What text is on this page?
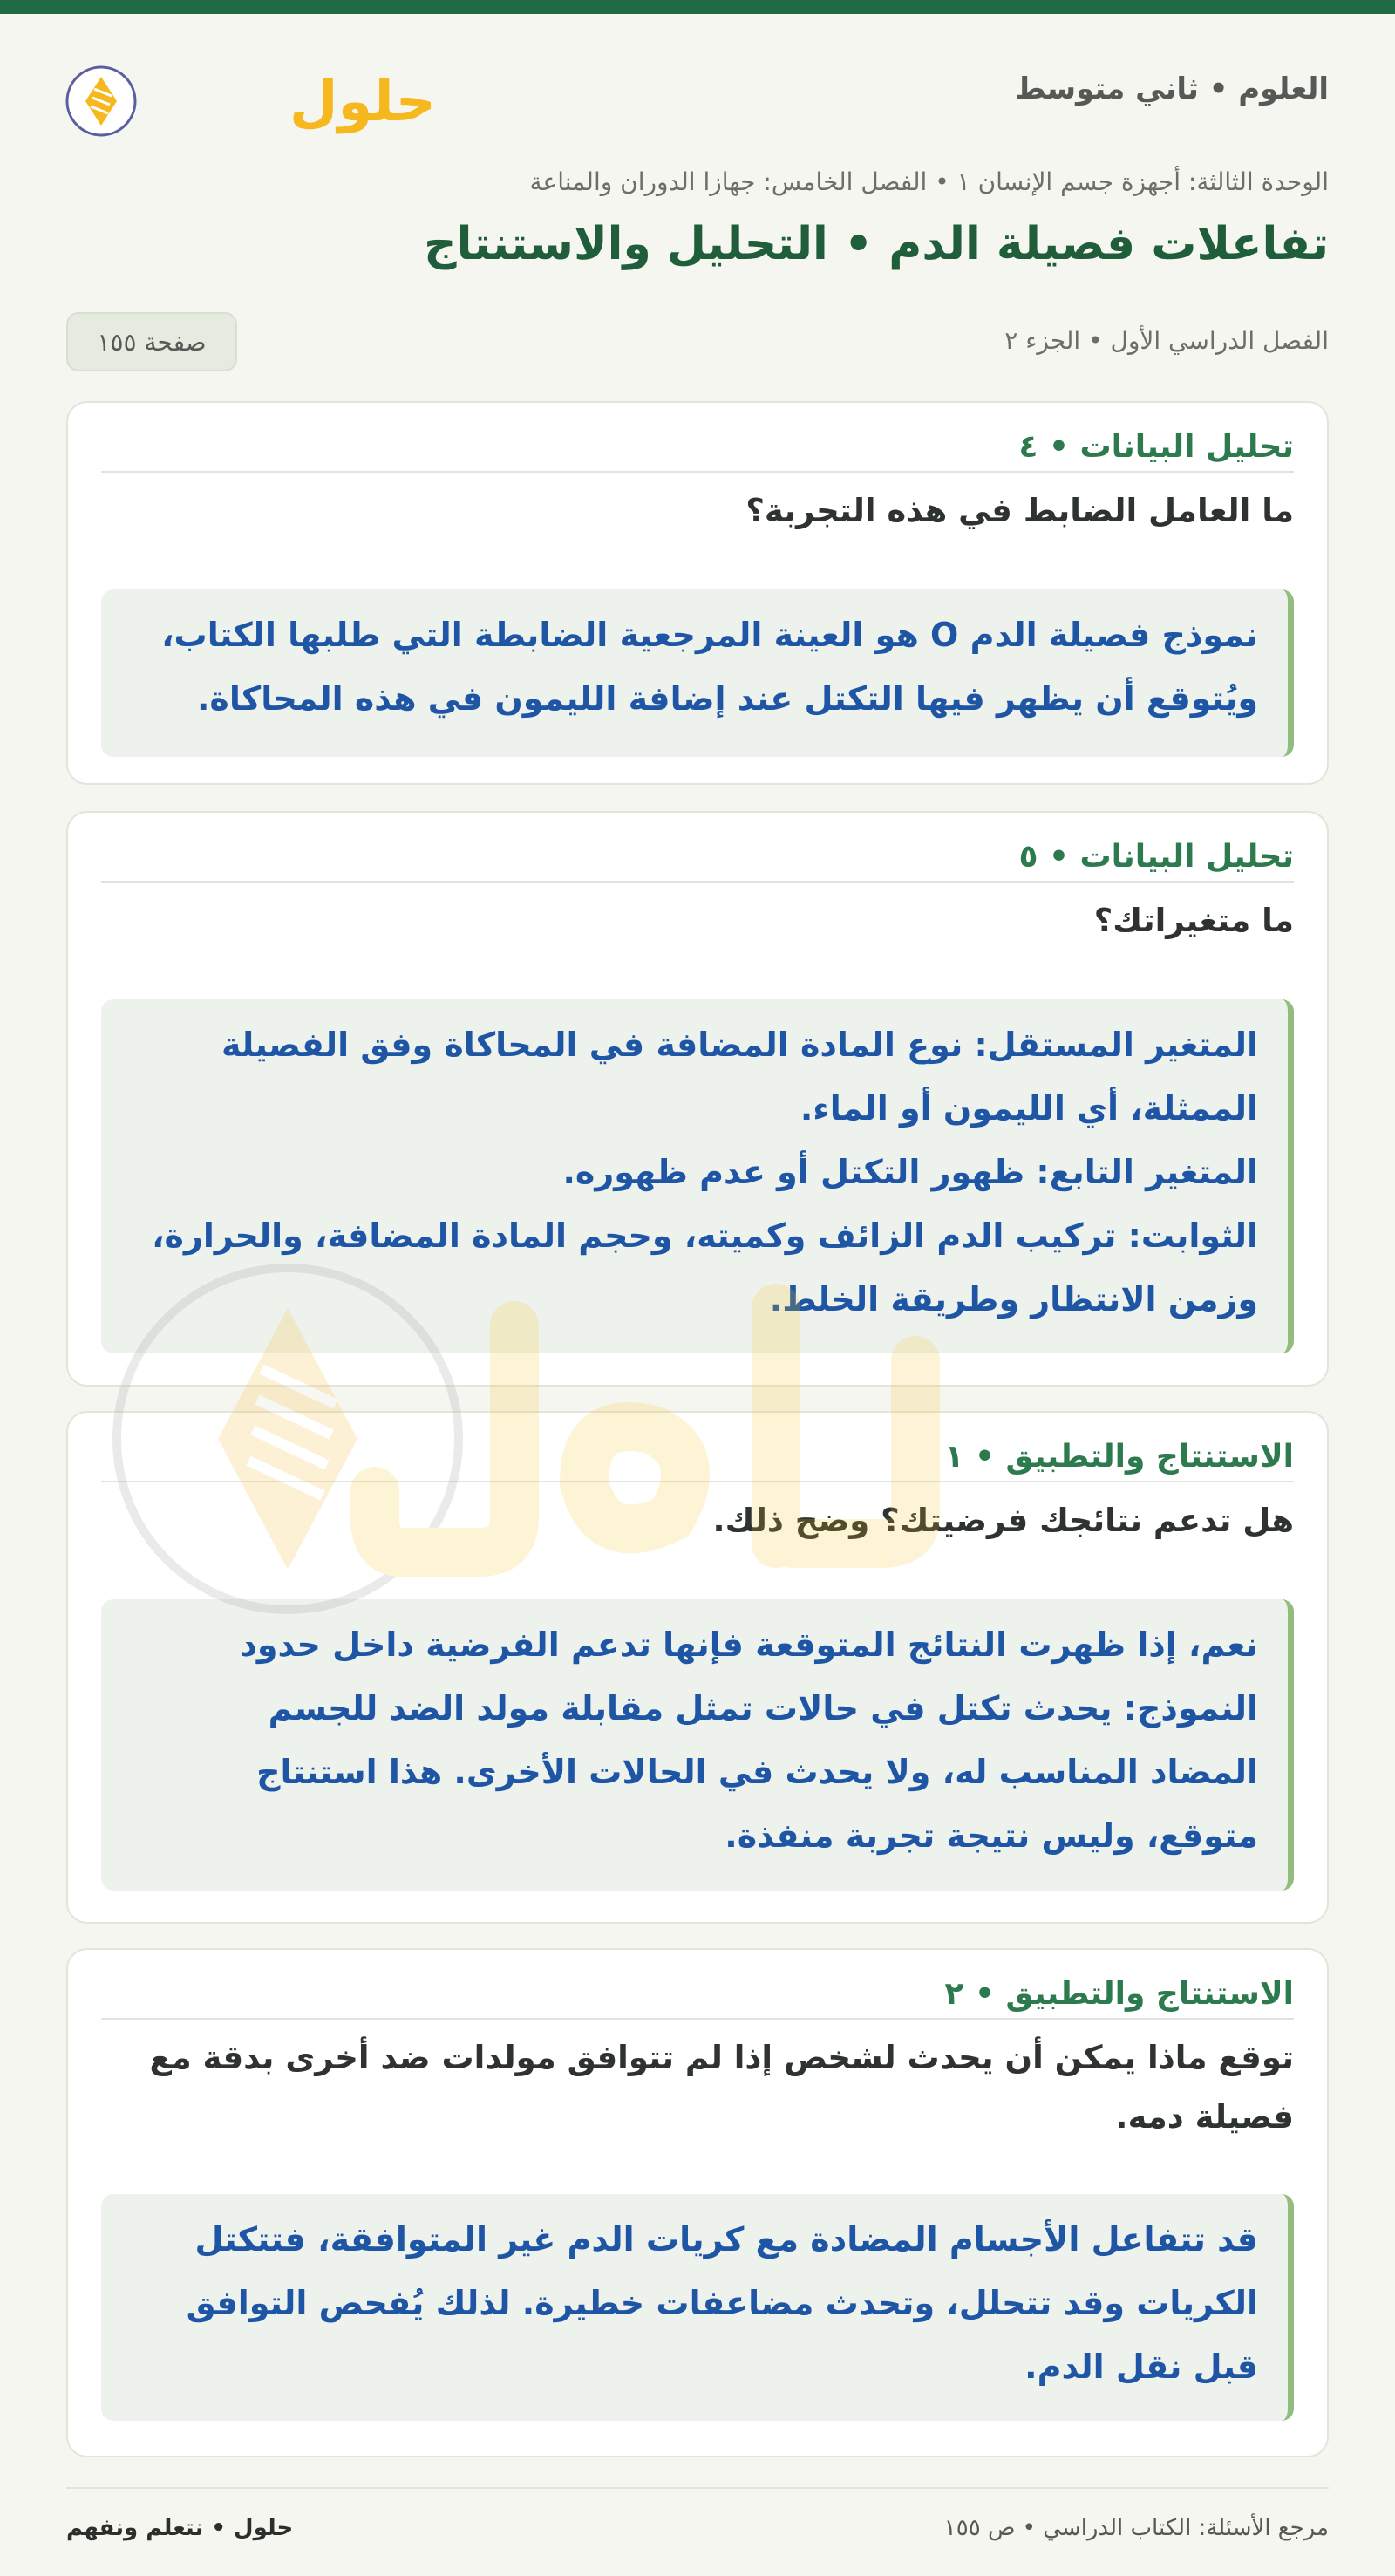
العلوم • ثاني متوسط
حلول
الوحدة الثالثة: أجهزة جسم الإنسان ١ • الفصل الخامس: جهازا الدوران والمناعة
تفاعلات فصيلة الدم • التحليل والاستنتاج
الفصل الدراسي الأول • الجزء ٢
صفحة ١٥٥
تحليل البيانات • ٤
ما العامل الضابط في هذه التجربة؟
نموذج فصيلة الدم O هو العينة المرجعية الضابطة التي طلبها الكتاب،
ويُتوقع أن يظهر فيها التكتل عند إضافة الليمون في هذه المحاكاة.
تحليل البيانات • ٥
ما متغيراتك؟
المتغير المستقل: نوع المادة المضافة في المحاكاة وفق الفصيلة
الممثلة، أي الليمون أو الماء.
المتغير التابع: ظهور التكتل أو عدم ظهوره.
الثوابت: تركيب الدم الزائف وكميته، وحجم المادة المضافة، والحرارة،
وزمن الانتظار وطريقة الخلط.
الاستنتاج والتطبيق • ١
هل تدعم نتائجك فرضيتك؟ وضح ذلك.
نعم، إذا ظهرت النتائج المتوقعة فإنها تدعم الفرضية داخل حدود
النموذج: يحدث تكتل في حالات تمثل مقابلة مولد الضد للجسم
المضاد المناسب له، ولا يحدث في الحالات الأخرى. هذا استنتاج
متوقع، وليس نتيجة تجربة منفذة.
الاستنتاج والتطبيق • ٢
توقع ماذا يمكن أن يحدث لشخص إذا لم تتوافق مولدات ضد أخرى بدقة مع
فصيلة دمه.
قد تتفاعل الأجسام المضادة مع كريات الدم غير المتوافقة، فتتكتل
الكريات وقد تتحلل، وتحدث مضاعفات خطيرة. لذلك يُفحص التوافق
قبل نقل الدم.
مرجع الأسئلة: الكتاب الدراسي • ص ١٥٥
حلول • نتعلم ونفهم
